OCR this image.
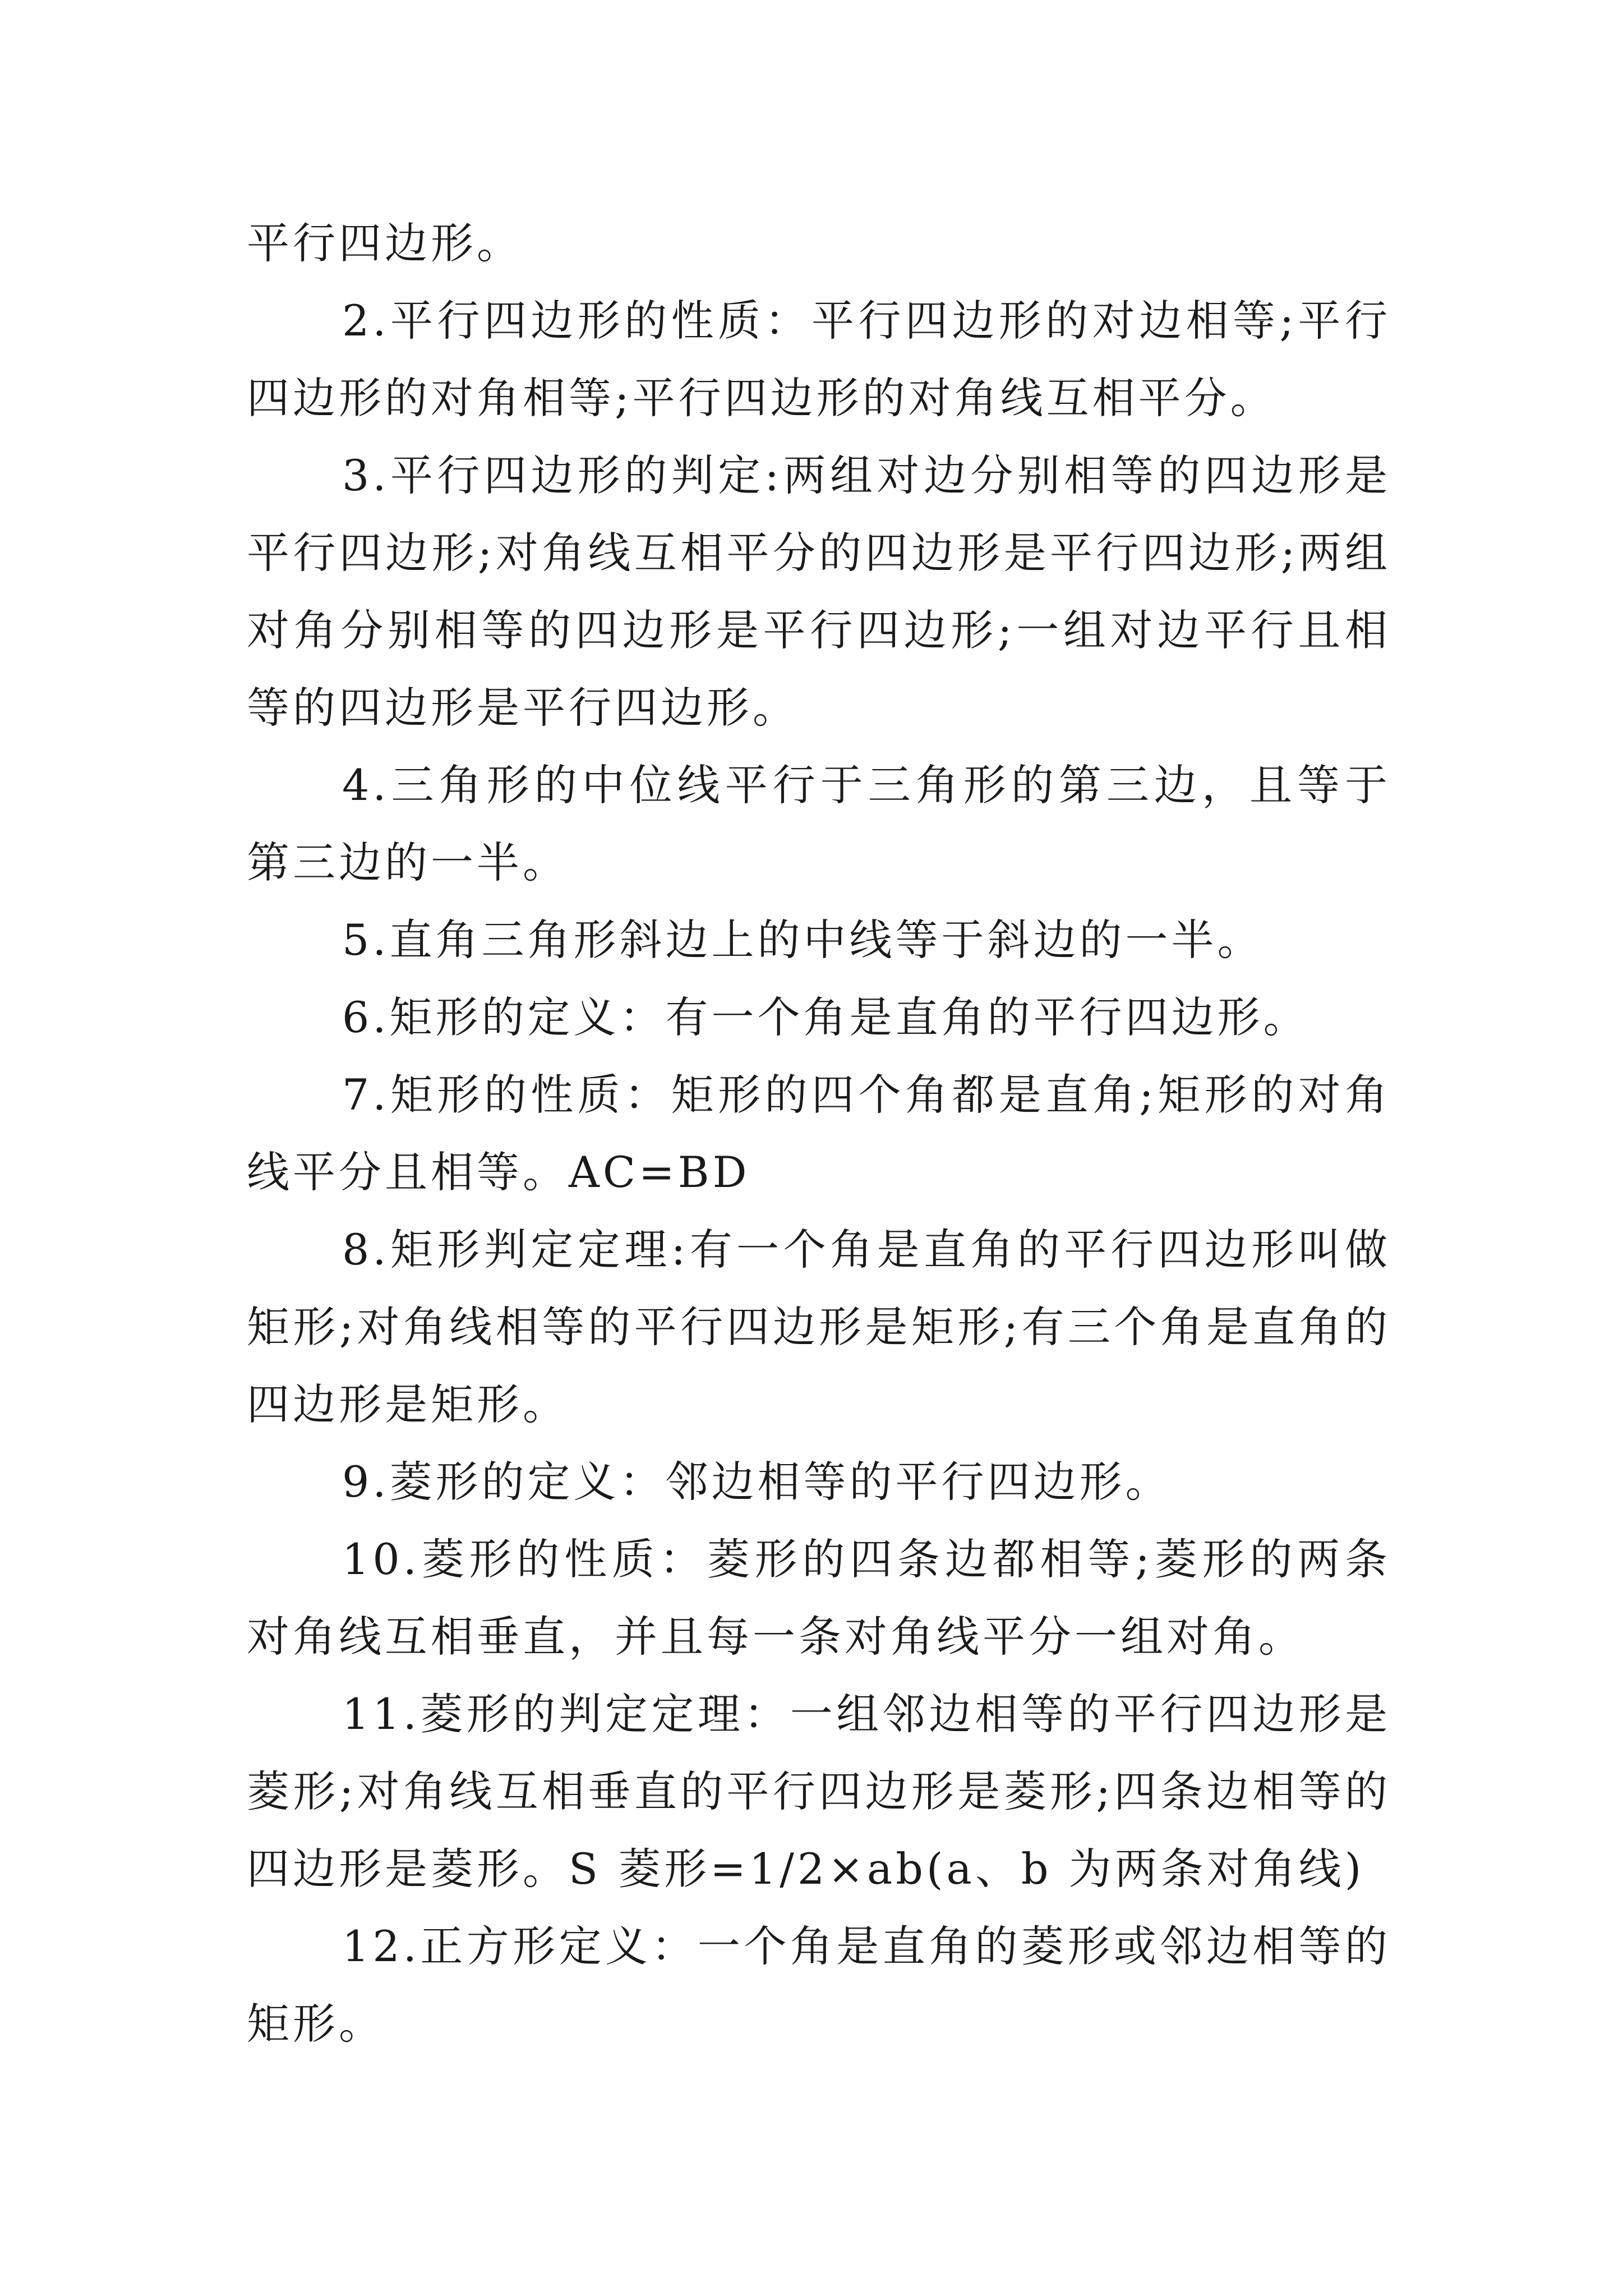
平行四边形。

2.平行四边形的性质：平行四边形的对边相等;平行四边形的对角相等;平行四边形的对角线互相平分。

3.平行四边形的判定:两组对边分别相等的四边形是平行四边形;对角线互相平分的四边形是平行四边形;两组对角分别相等的四边形是平行四边形;一组对边平行且相等的四边形是平行四边形。

4.三角形的中位线平行于三角形的第三边，且等于第三边的一半。

5.直角三角形斜边上的中线等于斜边的一半。

6.矩形的定义：有一个角是直角的平行四边形。

7.矩形的性质：矩形的四个角都是直角;矩形的对角线平分且相等。AC=BD

8.矩形判定定理:有一个角是直角的平行四边形叫做矩形;对角线相等的平行四边形是矩形;有三个角是直角的四边形是矩形。

9.菱形的定义：邻边相等的平行四边形。

10.菱形的性质：菱形的四条边都相等;菱形的两条对角线互相垂直，并且每一条对角线平分一组对角。

11.菱形的判定定理：一组邻边相等的平行四边形是菱形;对角线互相垂直的平行四边形是菱形;四条边相等的四边形是菱形。S 菱形=1/2×ab(a、b 为两条对角线)

12.正方形定义：一个角是直角的菱形或邻边相等的矩形。
